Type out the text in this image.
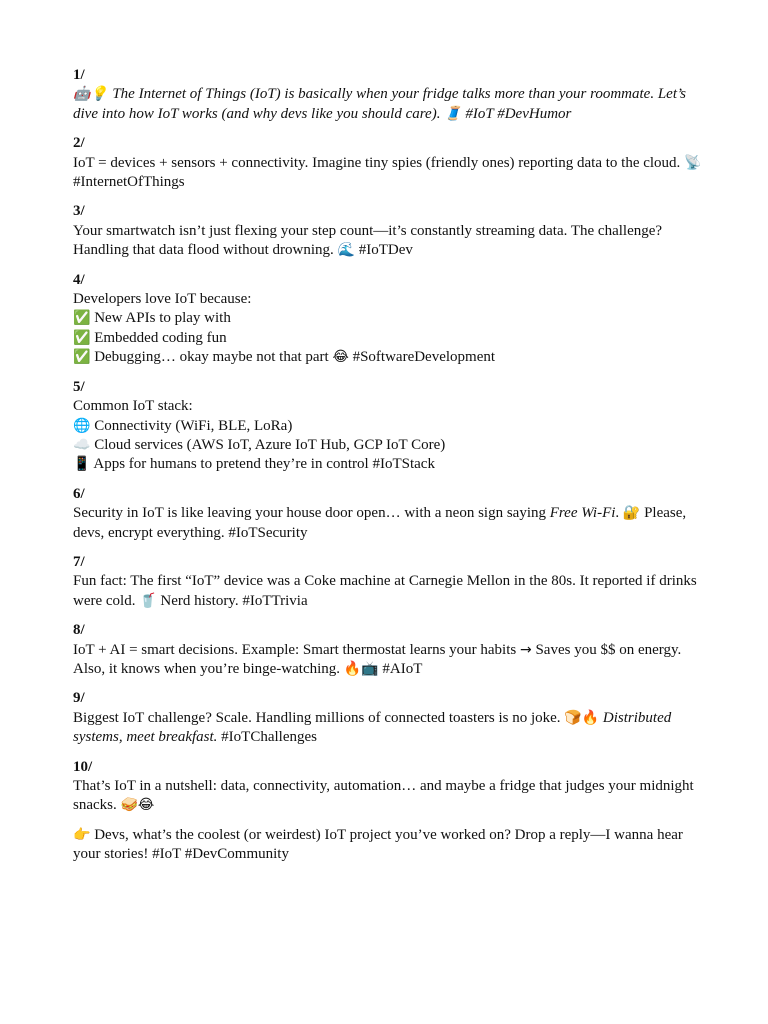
1/
🤖💡 The Internet of Things (IoT) is basically when your fridge talks more than your roommate. Let’s dive into how IoT works (and why devs like you should care). 🧵 #IoT #DevHumor
2/
IoT = devices + sensors + connectivity. Imagine tiny spies (friendly ones) reporting data to the cloud. 📡 #InternetOfThings
3/
Your smartwatch isn’t just flexing your step count—it’s constantly streaming data. The challenge? Handling that data flood without drowning. 🌊 #IoTDev
4/
Developers love IoT because:
✅ New APIs to play with
✅ Embedded coding fun
✅ Debugging… okay maybe not that part 😂 #SoftwareDevelopment
5/
Common IoT stack:
🌐 Connectivity (WiFi, BLE, LoRa)
☁️ Cloud services (AWS IoT, Azure IoT Hub, GCP IoT Core)
📱 Apps for humans to pretend they’re in control #IoTStack
6/
Security in IoT is like leaving your house door open… with a neon sign saying Free Wi-Fi. 🔐 Please, devs, encrypt everything. #IoTSecurity
7/
Fun fact: The first “IoT” device was a Coke machine at Carnegie Mellon in the 80s. It reported if drinks were cold. 🥤 Nerd history. #IoTTrivia
8/
IoT + AI = smart decisions. Example: Smart thermostat learns your habits → Saves you $$ on energy. Also, it knows when you’re binge-watching. 🔥📺 #AIoT
9/
Biggest IoT challenge? Scale. Handling millions of connected toasters is no joke. 🍞🔥 Distributed systems, meet breakfast. #IoTChallenges
10/
That’s IoT in a nutshell: data, connectivity, automation… and maybe a fridge that judges your midnight snacks. 🥪😂
👉 Devs, what’s the coolest (or weirdest) IoT project you’ve worked on? Drop a reply—I wanna hear your stories! #IoT #DevCommunity
